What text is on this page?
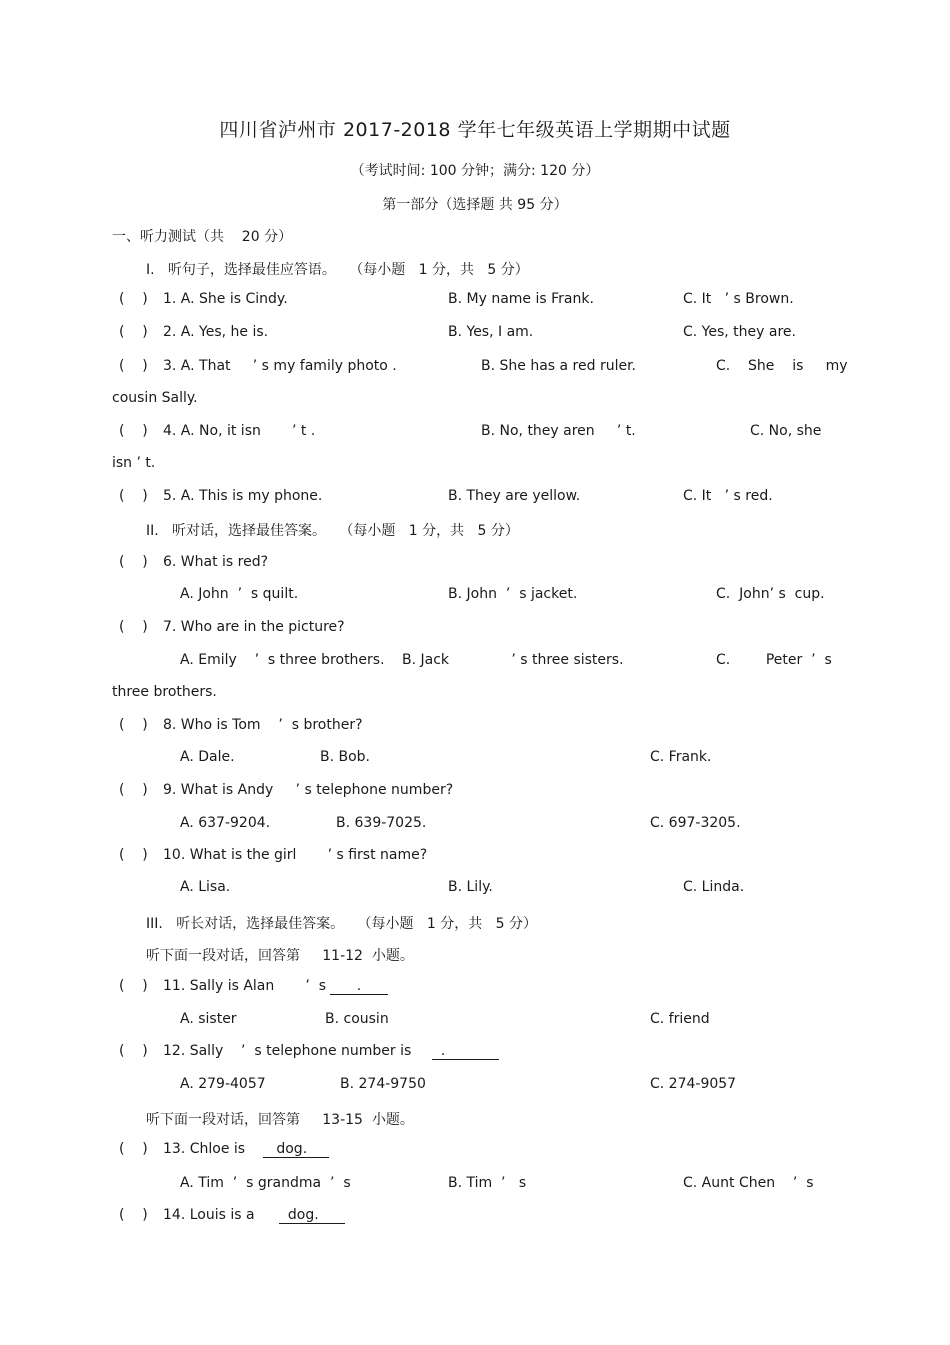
四川省泸州市 2017-2018 学年七年级英语上学期期中试题
（考试时间: 100 分钟；满分: 120 分）
第一部分（选择题 共 95 分）
一、听力测试（共    20 分）
I.   听句子，选择最佳应答语。   （每小题   1 分，共   5 分）
(    ) 1. A. She is Cindy.	B. My name is Frank.	C. It   ’ s Brown.
(    ) 2. A. Yes, he is.	B. Yes, I am.	C. Yes, they are.
(    ) 3. A. That     ’ s my family photo .	B. She has a red ruler.	C.    She    is     my
cousin Sally.
(    ) 4. A. No, it isn       ’ t .	B. No, they aren     ’ t.	C. No, she
isn ’ t.
(    ) 5. A. This is my phone.	B. They are yellow.	C. It   ’ s red.
II.   听对话，选择最佳答案。   （每小题   1 分，共   5 分）
(    ) 6. What is red?
A. John  ’  s quilt.	B. John  ’  s jacket.	C.  John’ s  cup.
(    ) 7. Who are in the picture?
A. Emily    ’  s three brothers. B. Jack              ’ s three sisters.	C.        Peter  ’  s
three brothers.
(    ) 8. Who is Tom    ’  s brother?
A. Dale.	B. Bob.	C. Frank.
(    ) 9. What is Andy     ’ s telephone number?
A. 637-9204.	B. 639-7025.	C. 697-3205.
(    ) 10. What is the girl       ’ s first name?
A. Lisa.	B. Lily.	C. Linda.
III.   听长对话，选择最佳答案。   （每小题   1 分，共   5 分）
听下面一段对话，回答第     11-12  小题。
(    ) 11. Sally is Alan       ’  s .
A. sister	B. cousin	C. friend
(    ) 12. Sally    ’  s telephone number is .
A. 279-4057	B. 274-9750	C. 274-9057
听下面一段对话，回答第     13-15  小题。
(    ) 13. Chloe is dog.
A. Tim  ’  s grandma  ’  s	B. Tim  ’   s	C. Aunt Chen    ’  s
(    ) 14. Louis is a dog.
